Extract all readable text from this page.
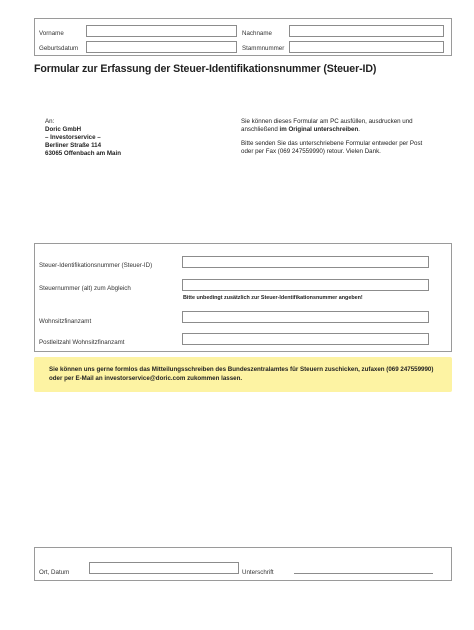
Vorname	Nachname
Geburtsdatum	Stammnummer
Formular zur Erfassung der Steuer-Identifikationsnummer (Steuer-ID)
An:
Doric GmbH
– Investorservice –
Berliner Straße 114
63065 Offenbach am Main
Sie können dieses Formular am PC ausfüllen, ausdrucken und
anschließend im Original unterschreiben.
Bitte senden Sie das unterschriebene Formular entweder per Post
oder per Fax (069 247559990) retour. Vielen Dank.
Steuer-Identifikationsnummer (Steuer-ID)
Steuernummer (alt) zum Abgleich
Bitte unbedingt zusätzlich zur Steuer-Identifikationsnummer angeben!
Wohnsitzfinanzamt
Postleitzahl Wohnsitzfinanzamt
Sie können uns gerne formlos das Mitteilungsschreiben des Bundeszentralamtes für Steuern zuschicken, zufaxen (069 247559990)
oder per E-Mail an investorservice@doric.com zukommen lassen.
Ort, Datum	Unterschrift
